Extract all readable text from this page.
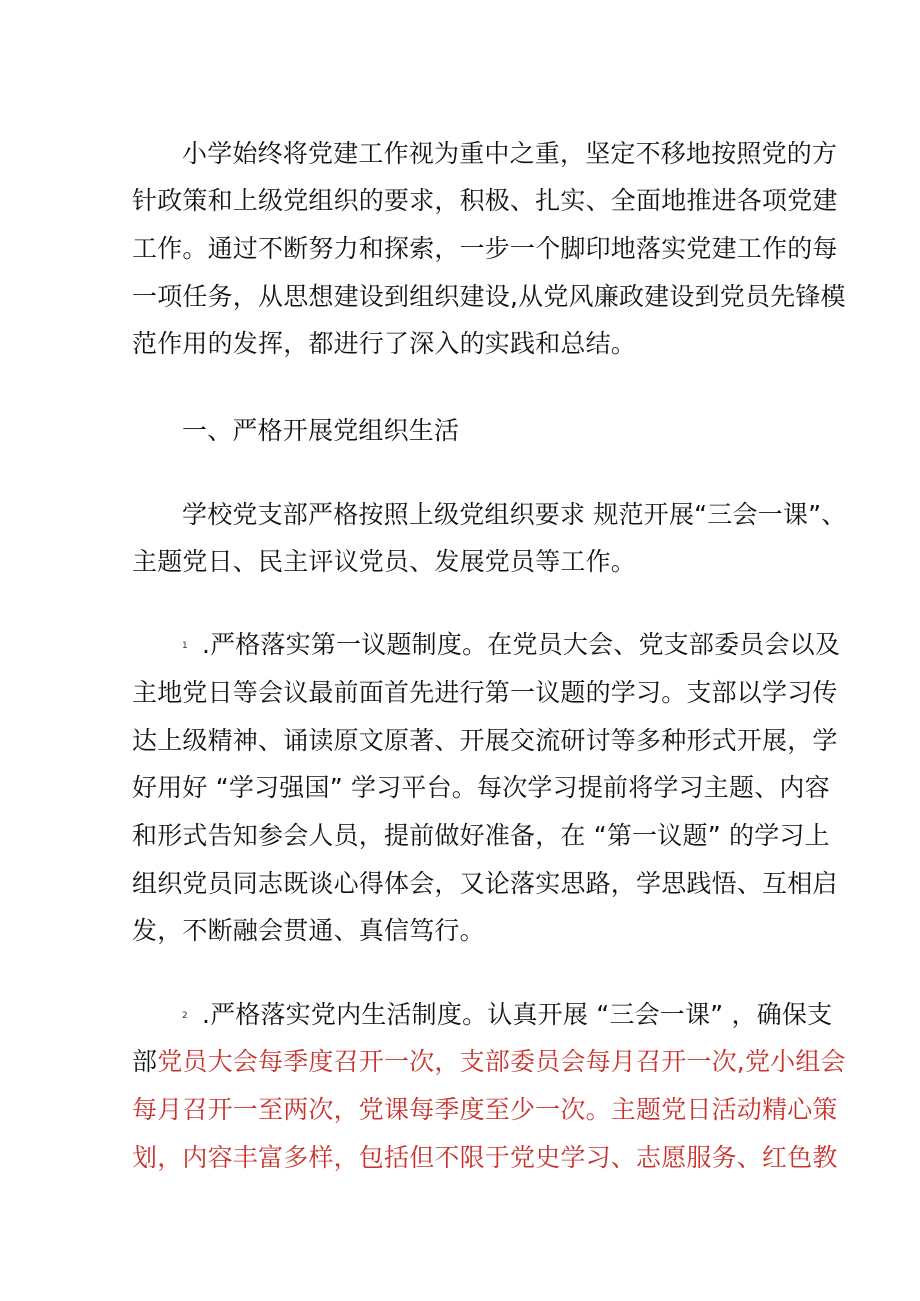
小学始终将党建工作视为重中之重，坚定不移地按照党的方
针政策和上级党组织的要求，积极、扎实、全面地推进各项党建
工作。通过不断努力和探索，一步一个脚印地落实党建工作的每
一项任务，从思想建设到组织建设,从党风廉政建设到党员先锋模
范作用的发挥，都进行了深入的实践和总结。
一、严格开展党组织生活
学校党支部严格按照上级党组织要求 规范开展“三会一课”、
主题党日、民主评议党员、发展党员等工作。
1 .严格落实第一议题制度。在党员大会、党支部委员会以及
主地党日等会议最前面首先进行第一议题的学习。支部以学习传
达上级精神、诵读原文原著、开展交流研讨等多种形式开展，学
好用好 “学习强国” 学习平台。每次学习提前将学习主题、内容
和形式告知参会人员，提前做好准备，在 “第一议题” 的学习上
组织党员同志既谈心得体会，又论落实思路，学思践悟、互相启
发，不断融会贯通、真信笃行。
2 .严格落实党内生活制度。认真开展 “三会一课” ，确保支
部党员大会每季度召开一次，支部委员会每月召开一次,党小组会
每月召开一至两次，党课每季度至少一次。主题党日活动精心策
划，内容丰富多样，包括但不限于党史学习、志愿服务、红色教
